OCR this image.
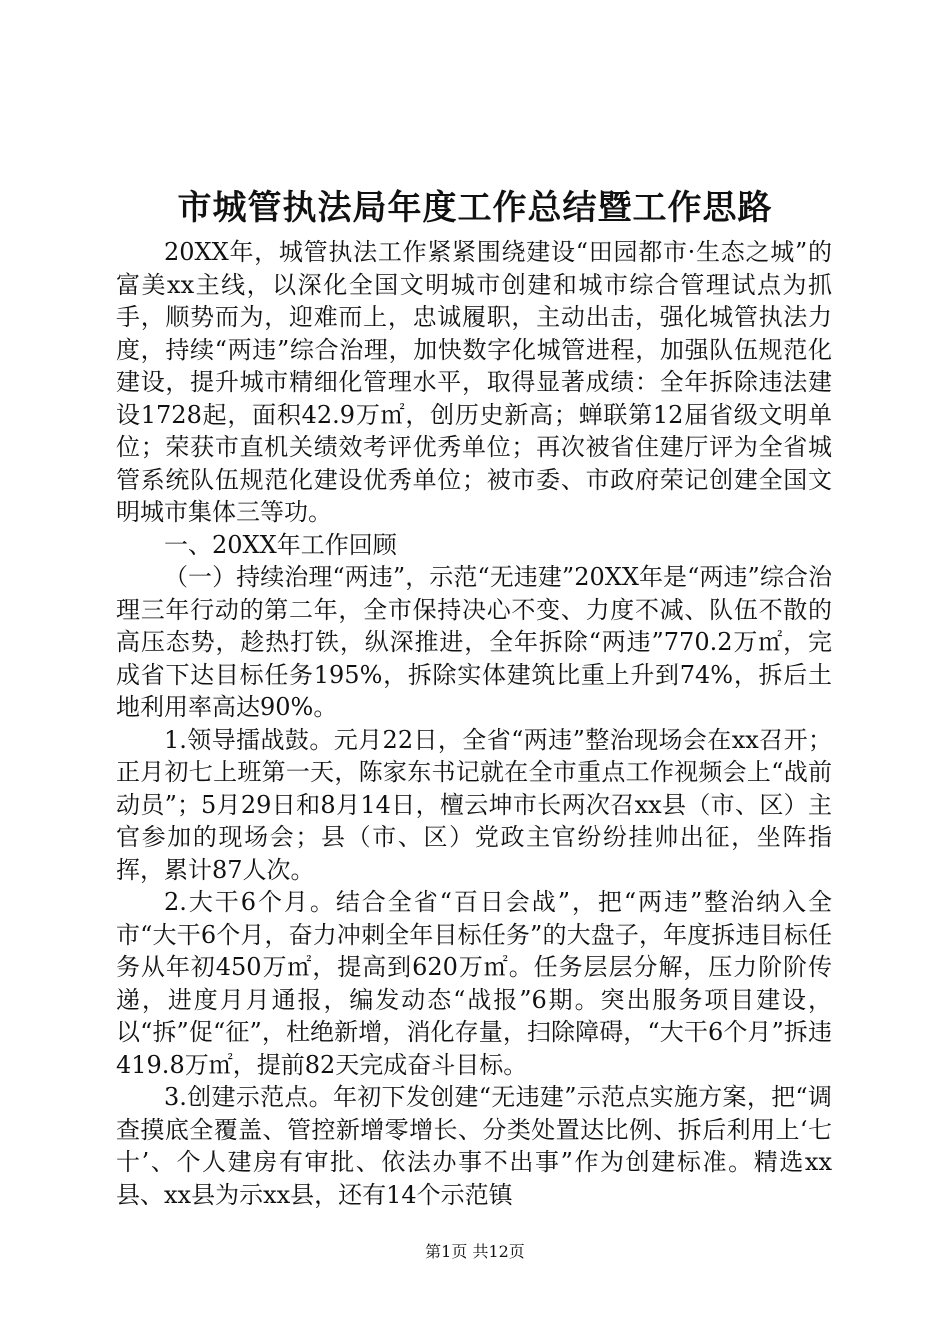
市城管执法局年度工作总结暨工作思路

20XX年，城管执法工作紧紧围绕建设“田园都市·生态之城”的富美xx主线，以深化全国文明城市创建和城市综合管理试点为抓手，顺势而为，迎难而上，忠诚履职，主动出击，强化城管执法力度，持续“两违”综合治理，加快数字化城管进程，加强队伍规范化建设，提升城市精细化管理水平，取得显著成绩：全年拆除违法建设1728起，面积42.9万㎡，创历史新高；蝉联第12届省级文明单位；荣获市直机关绩效考评优秀单位；再次被省住建厅评为全省城管系统队伍规范化建设优秀单位；被市委、市政府荣记创建全国文明城市集体三等功。

一、20XX年工作回顾

（一）持续治理“两违”，示范“无违建”20XX年是“两违”综合治理三年行动的第二年，全市保持决心不变、力度不减、队伍不散的高压态势，趁热打铁，纵深推进，全年拆除“两违”770.2万㎡，完成省下达目标任务195%，拆除实体建筑比重上升到74%，拆后土地利用率高达90%。

1.领导擂战鼓。元月22日，全省“两违”整治现场会在xx召开；正月初七上班第一天，陈家东书记就在全市重点工作视频会上“战前动员”；5月29日和8月14日，檀云坤市长两次召xx县（市、区）主官参加的现场会；县（市、区）党政主官纷纷挂帅出征，坐阵指挥，累计87人次。

2.大干6个月。结合全省“百日会战”，把“两违”整治纳入全市“大干6个月，奋力冲刺全年目标任务”的大盘子，年度拆违目标任务从年初450万㎡，提高到620万㎡。任务层层分解，压力阶阶传递，进度月月通报，编发动态“战报”6期。突出服务项目建设，以“拆”促“征”，杜绝新增，消化存量，扫除障碍，“大干6个月”拆违419.8万㎡，提前82天完成奋斗目标。

3.创建示范点。年初下发创建“无违建”示范点实施方案，把“调查摸底全覆盖、管控新增零增长、分类处置达比例、拆后利用上‘七十’、个人建房有审批、依法办事不出事”作为创建标准。精选xx县、xx县为示xx县，还有14个示范镇

第1页 共12页
